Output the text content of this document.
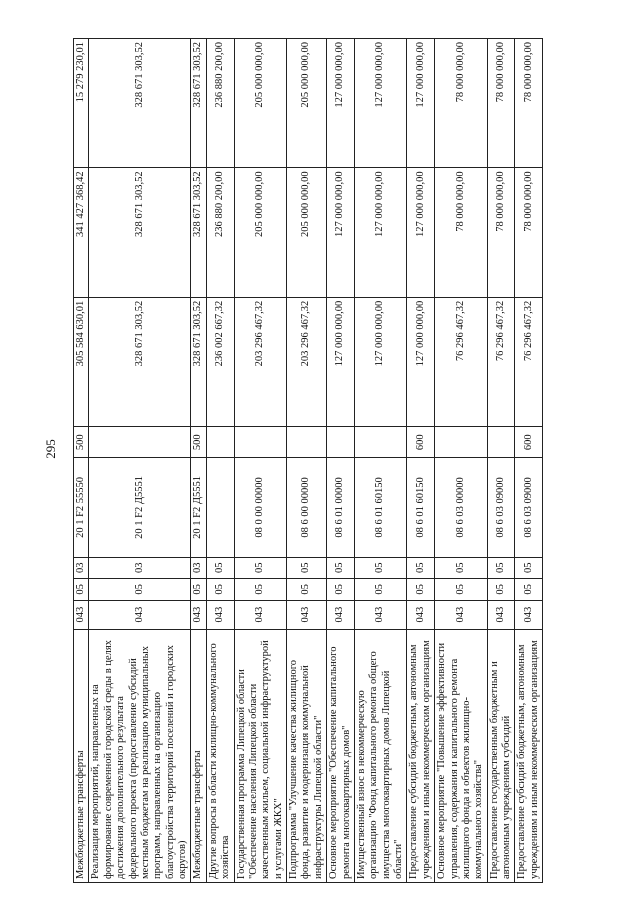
295
Межбюджетные трансферты	043	05	03	20 1 F2 55550	500	305 584 630,01	341 427 368,42	15 279 230,01
Реализация мероприятий, направленных на формирование современной городской среды в целях достижения дополнительного результата федерального проекта (предоставление субсидий местным бюджетам на реализацию муниципальных программ, направленных на организацию благоустройства территорий поселений и городских округов)	043	05	03	20 1 F2 Д5551		328 671 303,52	328 671 303,52	328 671 303,52
Межбюджетные трансферты	043	05	03	20 1 F2 Д5551	500	328 671 303,52	328 671 303,52	328 671 303,52
Другие вопросы в области жилищно-коммунального хозяйства	043	05	05			236 002 667,32	236 880 200,00	236 880 200,00
Государственная программа Липецкой области "Обеспечение населения Липецкой области качественным жильем, социальной инфраструктурой и услугами ЖКХ"	043	05	05	08 0 00 00000		203 296 467,32	205 000 000,00	205 000 000,00
Подпрограмма "Улучшение качества жилищного фонда, развитие и модернизация коммунальной инфраструктуры Липецкой области"	043	05	05	08 6 00 00000		203 296 467,32	205 000 000,00	205 000 000,00
Основное мероприятие "Обеспечение капитального ремонта многоквартирных домов"	043	05	05	08 6 01 00000		127 000 000,00	127 000 000,00	127 000 000,00
Имущественный взнос в некоммерческую организацию "Фонд капитального ремонта общего имущества многоквартирных домов Липецкой области"	043	05	05	08 6 01 60150		127 000 000,00	127 000 000,00	127 000 000,00
Предоставление субсидий бюджетным, автономным учреждениям и иным некоммерческим организациям	043	05	05	08 6 01 60150	600	127 000 000,00	127 000 000,00	127 000 000,00
Основное мероприятие "Повышение эффективности управления, содержания и капитального ремонта жилищного фонда и объектов жилищно-коммунального хозяйства"	043	05	05	08 6 03 00000		76 296 467,32	78 000 000,00	78 000 000,00
Предоставление государственным бюджетным и автономным учреждениям субсидий	043	05	05	08 6 03 09000		76 296 467,32	78 000 000,00	78 000 000,00
Предоставление субсидий бюджетным, автономным учреждениям и иным некоммерческим организациям	043	05	05	08 6 03 09000	600	76 296 467,32	78 000 000,00	78 000 000,00
